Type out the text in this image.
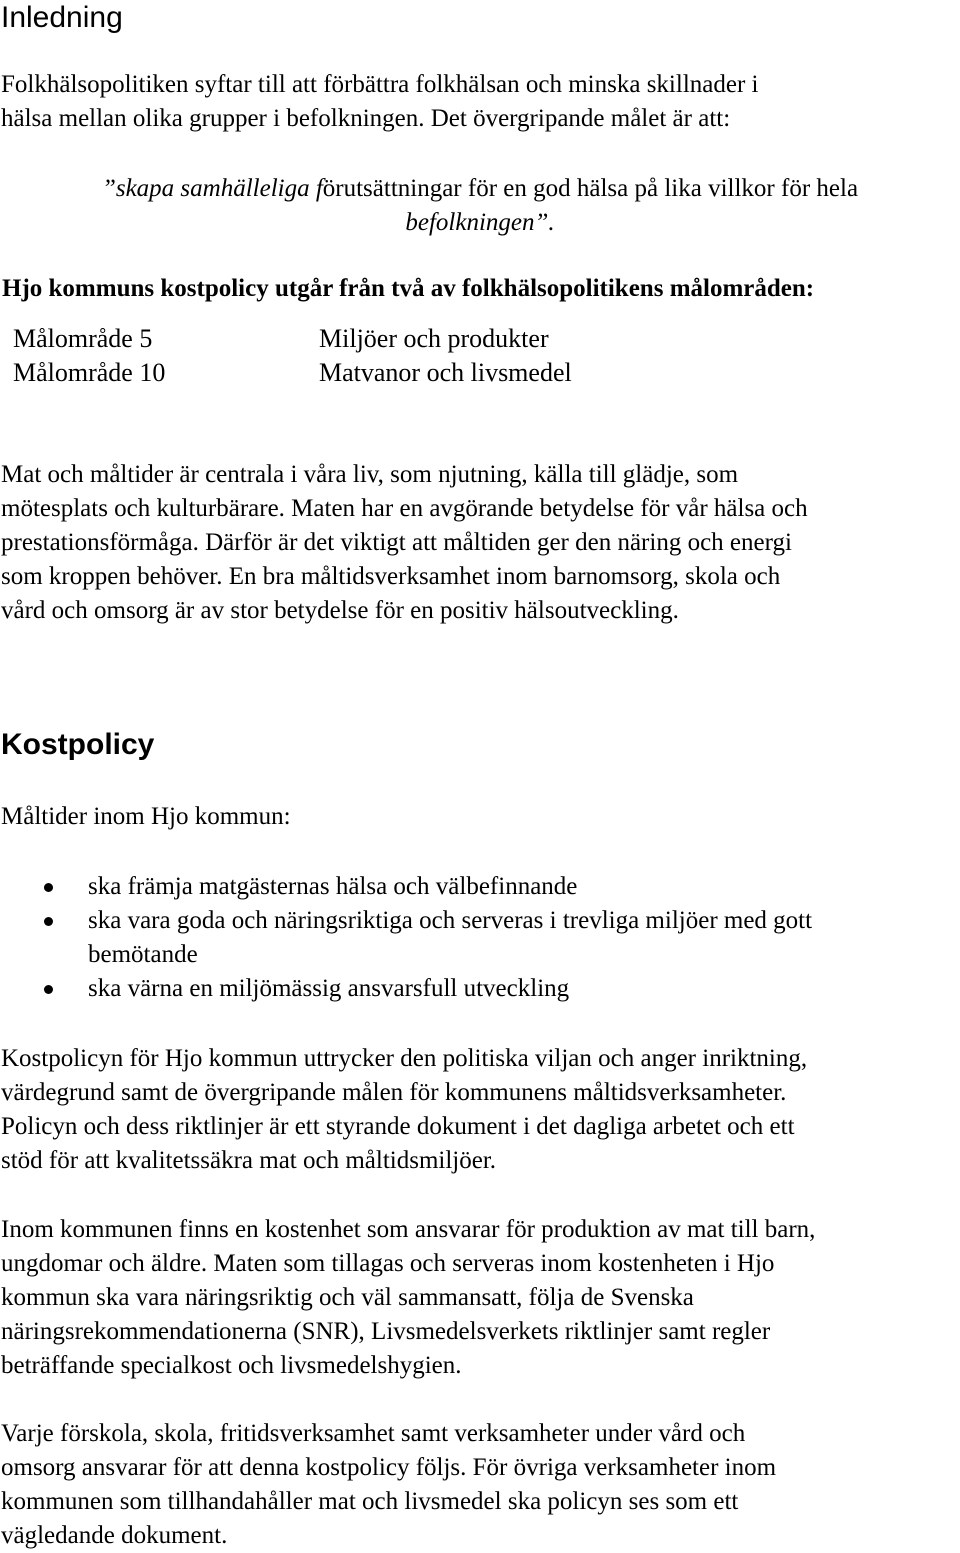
Inledning

Folkhälsopolitiken syftar till att förbättra folkhälsan och minska skillnader i
hälsa mellan olika grupper i befolkningen. Det övergripande målet är att:

”skapa samhälleliga förutsättningar för en god hälsa på lika villkor för hela
befolkningen”.

Hjo kommuns kostpolicy utgår från två av folkhälsopolitikens målområden:

Målområde 5	Miljöer och produkter
Målområde 10	Matvanor och livsmedel

Mat och måltider är centrala i våra liv, som njutning, källa till glädje, som
mötesplats och kulturbärare. Maten har en avgörande betydelse för vår hälsa och
prestationsförmåga. Därför är det viktigt att måltiden ger den näring och energi
som kroppen behöver. En bra måltidsverksamhet inom barnomsorg, skola och
vård och omsorg är av stor betydelse för en positiv hälsoutveckling.

Kostpolicy

Måltider inom Hjo kommun:

ska främja matgästernas hälsa och välbefinnande
ska vara goda och näringsriktiga och serveras i trevliga miljöer med gott
bemötande
ska värna en miljömässig ansvarsfull utveckling

Kostpolicyn för Hjo kommun uttrycker den politiska viljan och anger inriktning,
värdegrund samt de övergripande målen för kommunens måltidsverksamheter.
Policyn och dess riktlinjer är ett styrande dokument i det dagliga arbetet och ett
stöd för att kvalitetssäkra mat och måltidsmiljöer.

Inom kommunen finns en kostenhet som ansvarar för produktion av mat till barn,
ungdomar och äldre. Maten som tillagas och serveras inom kostenheten i Hjo
kommun ska vara näringsriktig och väl sammansatt, följa de Svenska
näringsrekommendationerna (SNR), Livsmedelsverkets riktlinjer samt regler
beträffande specialkost och livsmedelshygien.

Varje förskola, skola, fritidsverksamhet samt verksamheter under vård och
omsorg ansvarar för att denna kostpolicy följs. För övriga verksamheter inom
kommunen som tillhandahåller mat och livsmedel ska policyn ses som ett
vägledande dokument.
